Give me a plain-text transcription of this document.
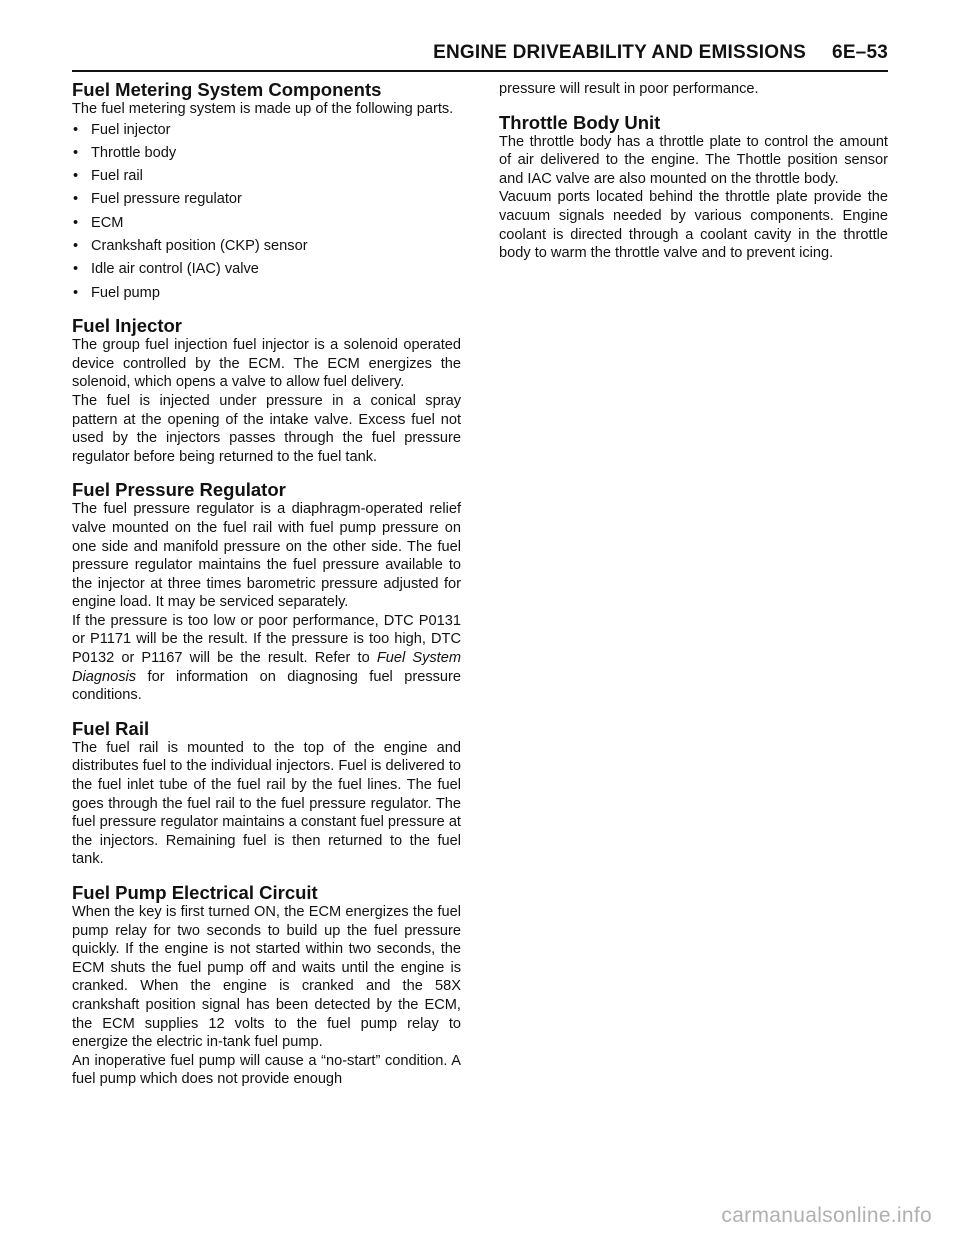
ENGINE DRIVEABILITY AND EMISSIONS 6E–53
Fuel Metering System Components

The fuel metering system is made up of the following parts.

• Fuel injector
• Throttle body
• Fuel rail
• Fuel pressure regulator
• ECM
• Crankshaft position (CKP) sensor
• Idle air control (IAC) valve
• Fuel pump
Fuel Injector

The group fuel injection fuel injector is a solenoid operated device controlled by the ECM. The ECM energizes the solenoid, which opens a valve to allow fuel delivery.

The fuel is injected under pressure in a conical spray pattern at the opening of the intake valve. Excess fuel not used by the injectors passes through the fuel pressure regulator before being returned to the fuel tank.

Fuel Pressure Regulator

The fuel pressure regulator is a diaphragm-operated relief valve mounted on the fuel rail with fuel pump pressure on one side and manifold pressure on the other side. The fuel pressure regulator maintains the fuel pressure available to the injector at three times barometric pressure adjusted for engine load. It may be serviced separately.

If the pressure is too low or poor performance, DTC P0131 or P1171 will be the result. If the pressure is too high, DTC P0132 or P1167 will be the result. Refer to Fuel System Diagnosis for information on diagnosing fuel pressure conditions.

Fuel Rail

The fuel rail is mounted to the top of the engine and distributes fuel to the individual injectors. Fuel is delivered to the fuel inlet tube of the fuel rail by the fuel lines. The fuel goes through the fuel rail to the fuel pressure regulator. The fuel pressure regulator maintains a constant fuel pressure at the injectors. Remaining fuel is then returned to the fuel tank.

Fuel Pump Electrical Circuit

When the key is first turned ON, the ECM energizes the fuel pump relay for two seconds to build up the fuel pressure quickly. If the engine is not started within two seconds, the ECM shuts the fuel pump off and waits until the engine is cranked. When the engine is cranked and the 58X crankshaft position signal has been detected by the ECM, the ECM supplies 12 volts to the fuel pump relay to energize the electric in-tank fuel pump.

An inoperative fuel pump will cause a “no-start” condition. A fuel pump which does not provide enough

pressure will result in poor performance.

Throttle Body Unit

The throttle body has a throttle plate to control the amount of air delivered to the engine. The Thottle position sensor and IAC valve are also mounted on the throttle body.

Vacuum ports located behind the throttle plate provide the vacuum signals needed by various components. Engine coolant is directed through a coolant cavity in the throttle body to warm the throttle valve and to prevent icing.

carmanualsonline.info
